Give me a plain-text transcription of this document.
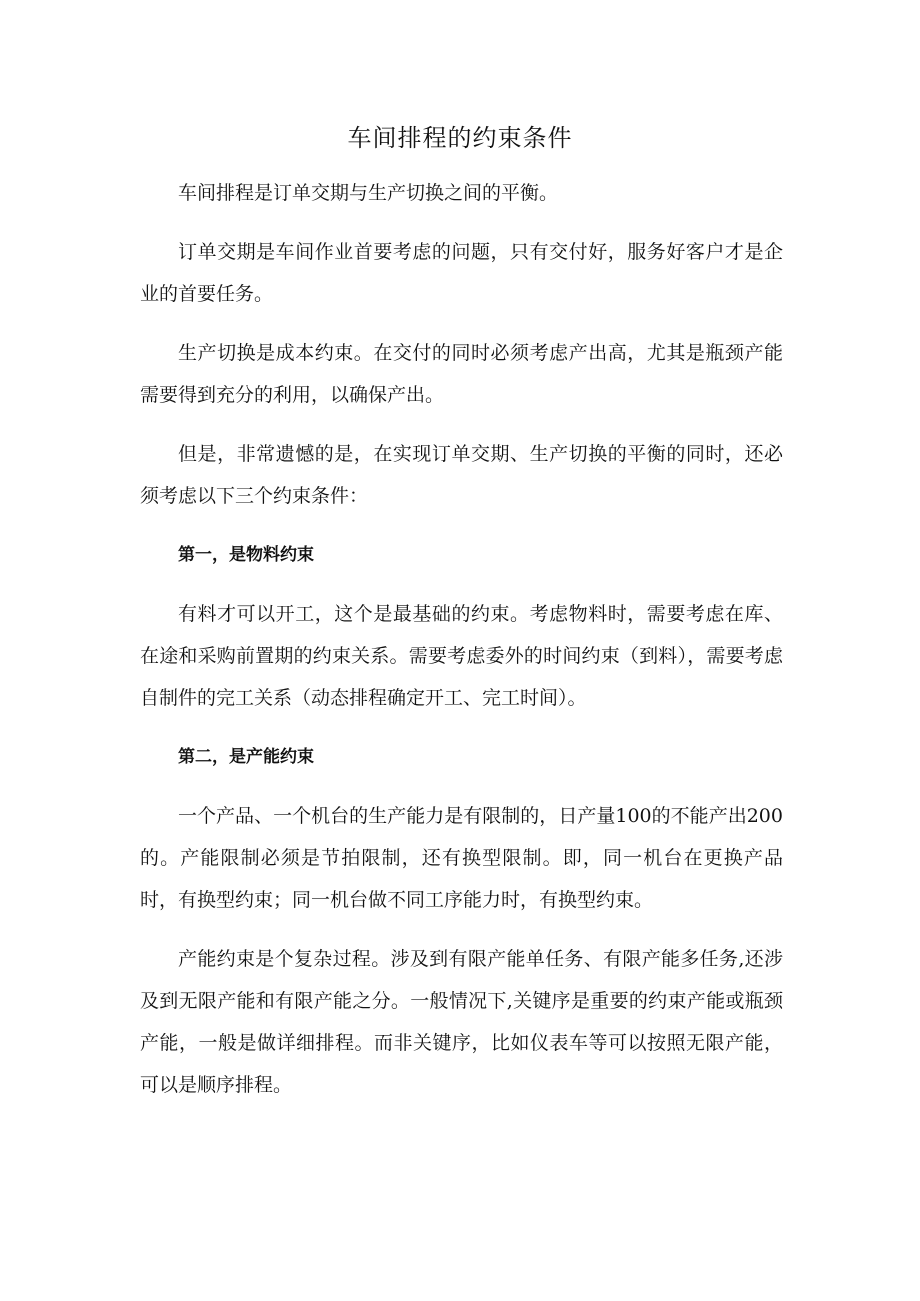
车间排程的约束条件

车间排程是订单交期与生产切换之间的平衡。

订单交期是车间作业首要考虑的问题，只有交付好，服务好客户才是企业的首要任务。

生产切换是成本约束。在交付的同时必须考虑产出高，尤其是瓶颈产能需要得到充分的利用，以确保产出。

但是，非常遗憾的是，在实现订单交期、生产切换的平衡的同时，还必须考虑以下三个约束条件：

第一，是物料约束

有料才可以开工，这个是最基础的约束。考虑物料时，需要考虑在库、在途和采购前置期的约束关系。需要考虑委外的时间约束（到料），需要考虑自制件的完工关系（动态排程确定开工、完工时间）。

第二，是产能约束

一个产品、一个机台的生产能力是有限制的，日产量100的不能产出200的。产能限制必须是节拍限制，还有换型限制。即，同一机台在更换产品时，有换型约束；同一机台做不同工序能力时，有换型约束。

产能约束是个复杂过程。涉及到有限产能单任务、有限产能多任务,还涉及到无限产能和有限产能之分。一般情况下,关键序是重要的约束产能或瓶颈产能，一般是做详细排程。而非关键序，比如仪表车等可以按照无限产能，可以是顺序排程。
